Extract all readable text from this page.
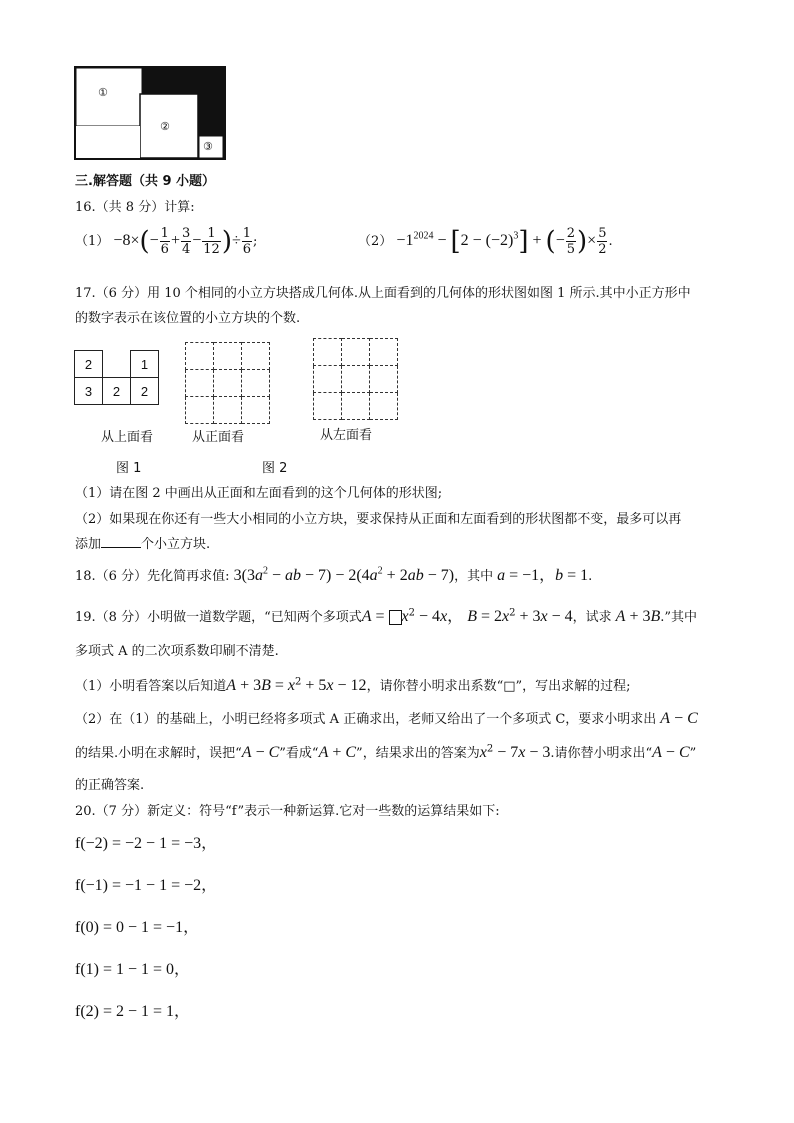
①
②
③
三.解答题（共 9 小题）
16.（共 8 分）计算:
$(1) -8\times(- \frac{1}{6} + \frac{3}{4} - \frac{1}{12}$ )÷ $\frac{1}{6}$ ;	$(2) -1^{2024} - [2 - (-2)^3]$ + (− $\frac{2}{5}$ )× $\frac{5}{2}$ .
17.（6 分）用 10 个相同的小立方块搭成几何体.从上面看到的几何体的形状图如图 1 所示.其中小正方形中
的数字表示在该位置的小立方块的个数.
2		1
3	2	2

从上面看	从正面看	从左面看
图 1	图 2
（1）请在图 2 中画出从正面和左面看到的这个几何体的形状图;
（2）如果现在你还有一些大小相同的小立方块，要求保持从正面和左面看到的形状图都不变，最多可以再
添加	个小立方块.
18.（6 分）先化简再求值: $3(3a^2$ − ab − $7) - 2(4a^2 + 2ab - 7)$，其中 a = −1，b = 1.
19.（8 分）小明做一道数学题，“已知两个多项式$A = x^2 - 4x$， $B = 2x^2 + 3x - 4$，试求 A + 3B.”其中
多项式 A 的二次项系数印刷不清楚.
（1）小明看答案以后知道$A + 3B = x^2 + 5x - 12$，请你替小明求出系数“□”，写出求解的过程;
（2）在（1）的基础上，小明已经将多项式 A 正确求出，老师又给出了一个多项式 C，要求小明求出 A − C
的结果.小明在求解时，误把“A − C”看成“A + C”，结果求出的答案为$x^2 - 7x - 3$.请你替小明求出“A − C”
的正确答案.
20.（7 分）新定义：符号“f”表示一种新运算.它对一些数的运算结果如下:
f(−2) = −2 − 1 = −3，
f(−1) = −1 − 1 = −2，
f(0) = 0 − 1 = −1，
f(1) = 1 − 1 = 0，
f(2) = 2 − 1 = 1，
